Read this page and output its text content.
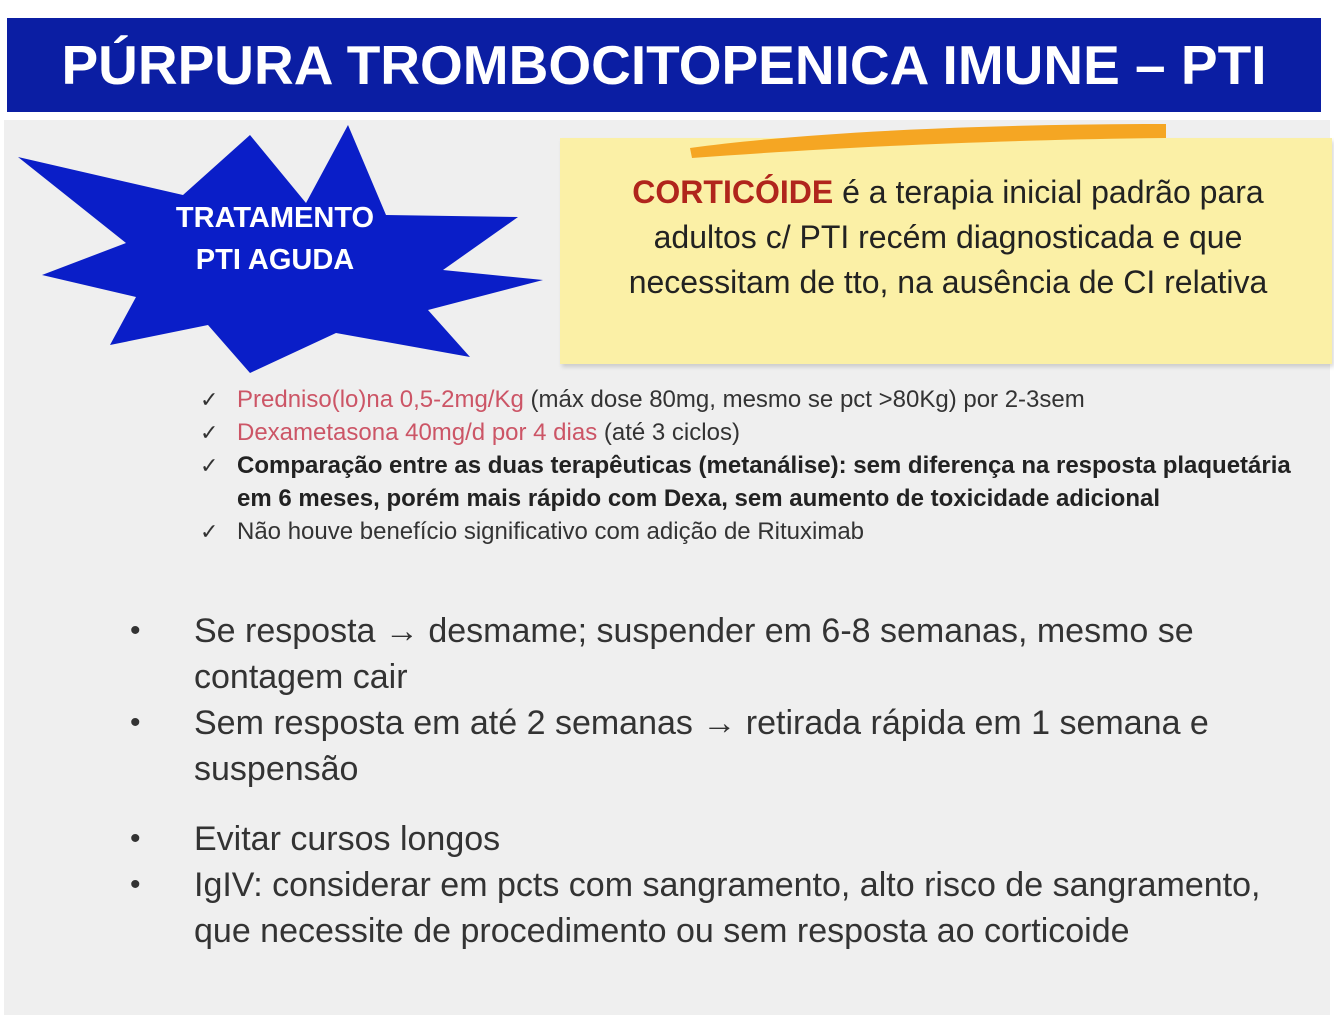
PÚRPURA TROMBOCITOPENICA IMUNE – PTI
TRATAMENTO
PTI AGUDA
CORTICÓIDE é a terapia inicial padrão para adultos c/ PTI recém diagnosticada e que necessitam de tto, na ausência de CI relativa
✓ Predniso(lo)na 0,5-2mg/Kg (máx dose 80mg, mesmo se pct >80Kg) por 2-3sem
✓ Dexametasona 40mg/d por 4 dias (até 3 ciclos)
✓ Comparação entre as duas terapêuticas (metanálise): sem diferença na resposta plaquetária em 6 meses, porém mais rápido com Dexa, sem aumento de toxicidade adicional
✓ Não houve benefício significativo com adição de Rituximab
• Se resposta → desmame; suspender em 6-8 semanas, mesmo se contagem cair
• Sem resposta em até 2 semanas → retirada rápida em 1 semana e suspensão
• Evitar cursos longos
• IgIV: considerar em pcts com sangramento, alto risco de sangramento, que necessite de procedimento ou sem resposta ao corticoide
